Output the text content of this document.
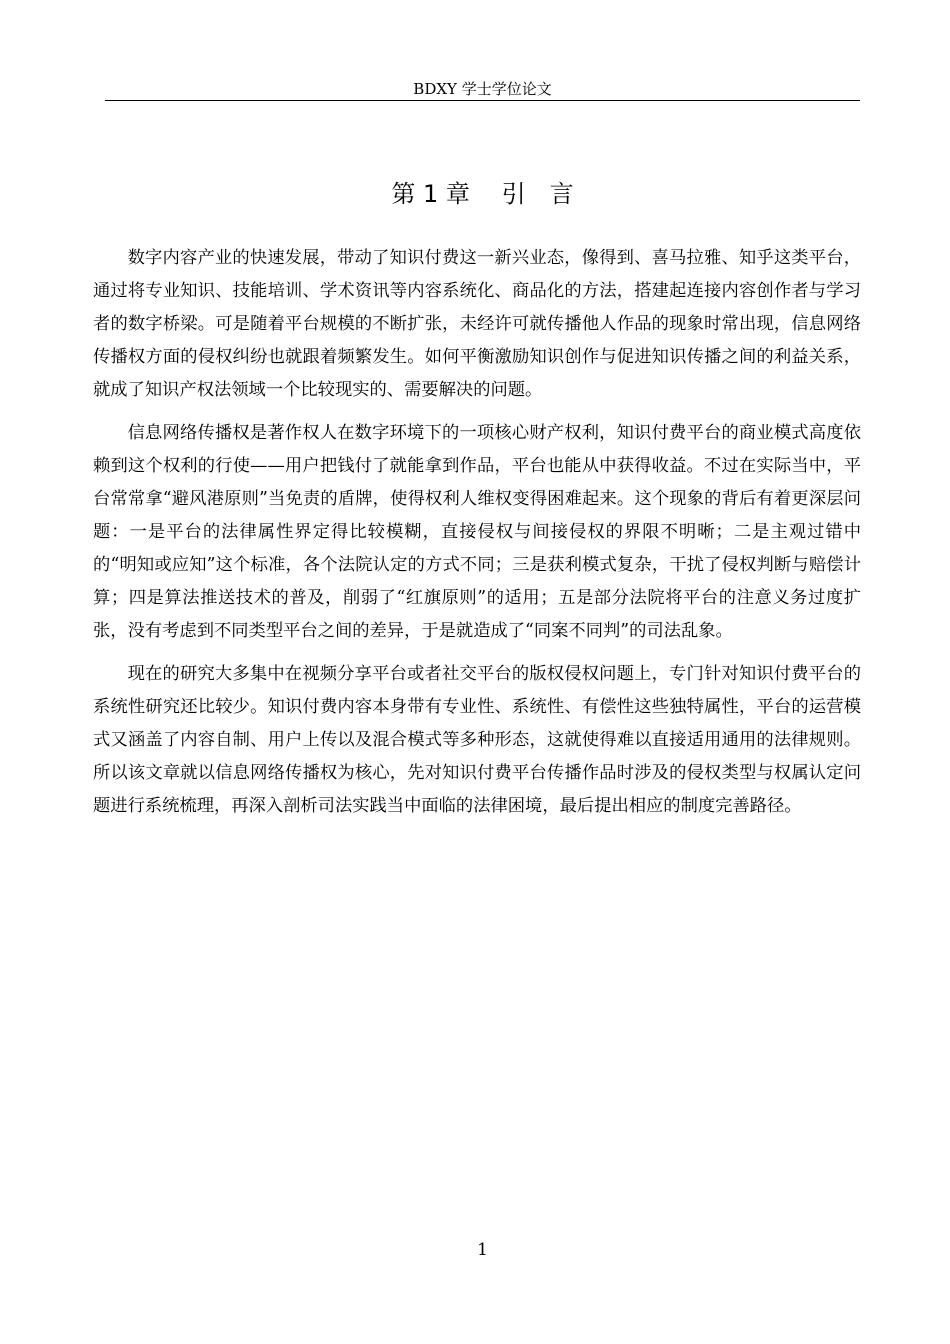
BDXY 学士学位论文
第 1 章　 引　言

数字内容产业的快速发展，带动了知识付费这一新兴业态，像得到、喜马拉雅、知乎这类平台，通过将专业知识、技能培训、学术资讯等内容系统化、商品化的方法，搭建起连接内容创作者与学习者的数字桥梁。可是随着平台规模的不断扩张，未经许可就传播他人作品的现象时常出现，信息网络传播权方面的侵权纠纷也就跟着频繁发生。如何平衡激励知识创作与促进知识传播之间的利益关系，就成了知识产权法领域一个比较现实的、需要解决的问题。

信息网络传播权是著作权人在数字环境下的一项核心财产权利，知识付费平台的商业模式高度依赖到这个权利的行使——用户把钱付了就能拿到作品，平台也能从中获得收益。不过在实际当中，平台常常拿“避风港原则”当免责的盾牌，使得权利人维权变得困难起来。这个现象的背后有着更深层问题：一是平台的法律属性界定得比较模糊，直接侵权与间接侵权的界限不明晰；二是主观过错中的“明知或应知”这个标准，各个法院认定的方式不同；三是获利模式复杂，干扰了侵权判断与赔偿计算；四是算法推送技术的普及，削弱了“红旗原则”的适用；五是部分法院将平台的注意义务过度扩张，没有考虑到不同类型平台之间的差异，于是就造成了“同案不同判”的司法乱象。

现在的研究大多集中在视频分享平台或者社交平台的版权侵权问题上，专门针对知识付费平台的系统性研究还比较少。知识付费内容本身带有专业性、系统性、有偿性这些独特属性，平台的运营模式又涵盖了内容自制、用户上传以及混合模式等多种形态，这就使得难以直接适用通用的法律规则。所以该文章就以信息网络传播权为核心，先对知识付费平台传播作品时涉及的侵权类型与权属认定问题进行系统梳理，再深入剖析司法实践当中面临的法律困境，最后提出相应的制度完善路径。

1
